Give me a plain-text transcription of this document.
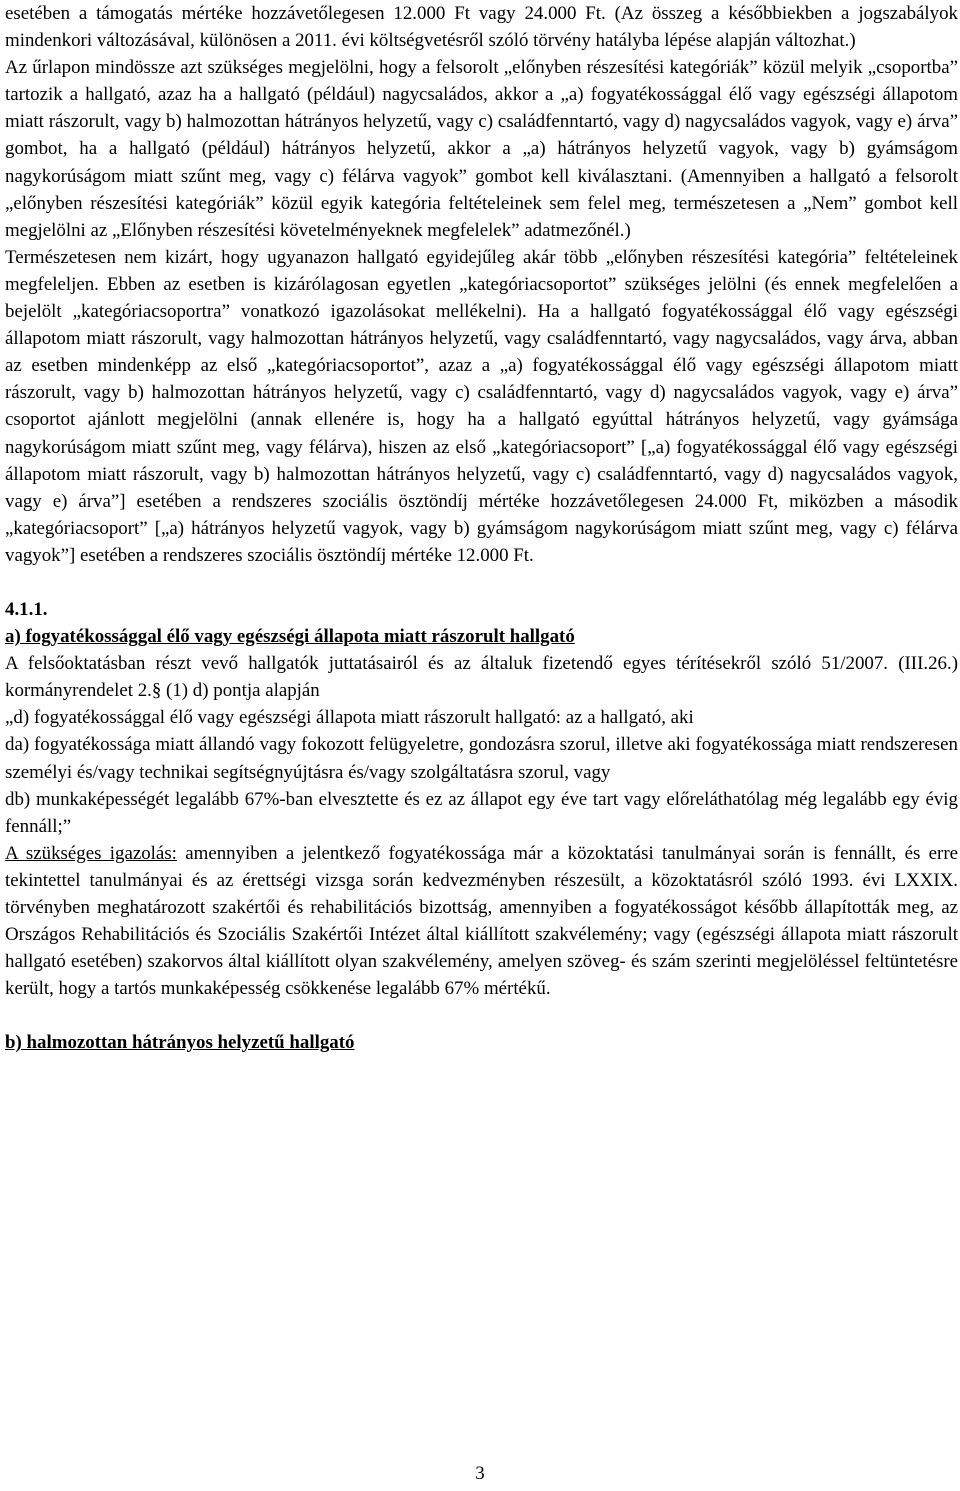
esetében a támogatás mértéke hozzávetőlegesen 12.000 Ft vagy 24.000 Ft. (Az összeg a későbbiekben a jogszabályok mindenkori változásával, különösen a 2011. évi költségvetésről szóló törvény hatályba lépése alapján változhat.)

Az űrlapon mindössze azt szükséges megjelölni, hogy a felsorolt „előnyben részesítési kategóriák” közül melyik „csoportba” tartozik a hallgató, azaz ha a hallgató (például) nagycsaládos, akkor a „a) fogyatékossággal élő vagy egészségi állapotom miatt rászorult, vagy b) halmozottan hátrányos helyzetű, vagy c) családfenntartó, vagy d) nagycsaládos vagyok, vagy e) árva” gombot, ha a hallgató (például) hátrányos helyzetű, akkor a „a) hátrányos helyzetű vagyok, vagy b) gyámságom nagykorúságom miatt szűnt meg, vagy c) félárva vagyok” gombot kell kiválasztani. (Amennyiben a hallgató a felsorolt „előnyben részesítési kategóriák” közül egyik kategória feltételeinek sem felel meg, természetesen a „Nem” gombot kell megjelölni az „Előnyben részesítési követelményeknek megfelelek” adatmezőnél.)

Természetesen nem kizárt, hogy ugyanazon hallgató egyidejűleg akár több „előnyben részesítési kategória” feltételeinek megfeleljen. Ebben az esetben is kizárólagosan egyetlen „kategóriacsoportot” szükséges jelölni (és ennek megfelelően a bejelölt „kategóriacsoportra” vonatkozó igazolásokat mellékelni). Ha a hallgató fogyatékossággal élő vagy egészségi állapotom miatt rászorult, vagy halmozottan hátrányos helyzetű, vagy családfenntartó, vagy nagycsaládos, vagy árva, abban az esetben mindenképp az első „kategóriacsoportot”, azaz a „a) fogyatékossággal élő vagy egészségi állapotom miatt rászorult, vagy b) halmozottan hátrányos helyzetű, vagy c) családfenntartó, vagy d) nagycsaládos vagyok, vagy e) árva” csoportot ajánlott megjelölni (annak ellenére is, hogy ha a hallgató egyúttal hátrányos helyzetű, vagy gyámsága nagykorúságom miatt szűnt meg, vagy félárva), hiszen az első „kategóriacsoport” [„a) fogyatékossággal élő vagy egészségi állapotom miatt rászorult, vagy b) halmozottan hátrányos helyzetű, vagy c) családfenntartó, vagy d) nagycsaládos vagyok, vagy e) árva”] esetében a rendszeres szociális ösztöndíj mértéke hozzávetőlegesen 24.000 Ft, miközben a második „kategóriacsoport” [„a) hátrányos helyzetű vagyok, vagy b) gyámságom nagykorúságom miatt szűnt meg, vagy c) félárva vagyok”] esetében a rendszeres szociális ösztöndíj mértéke 12.000 Ft.

4.1.1.

a) fogyatékossággal élő vagy egészségi állapota miatt rászorult hallgató

A felsőoktatásban részt vevő hallgatók juttatásairól és az általuk fizetendő egyes térítésekről szóló 51/2007. (III.26.) kormányrendelet 2.§ (1) d) pontja alapján

„d) fogyatékossággal élő vagy egészségi állapota miatt rászorult hallgató: az a hallgató, aki

da) fogyatékossága miatt állandó vagy fokozott felügyeletre, gondozásra szorul, illetve aki fogyatékossága miatt rendszeresen személyi és/vagy technikai segítségnyújtásra és/vagy szolgáltatásra szorul, vagy

db) munkaképességét legalább 67%-ban elvesztette és ez az állapot egy éve tart vagy előreláthatólag még legalább egy évig fennáll;”

A szükséges igazolás: amennyiben a jelentkező fogyatékossága már a közoktatási tanulmányai során is fennállt, és erre tekintettel tanulmányai és az érettségi vizsga során kedvezményben részesült, a közoktatásról szóló 1993. évi LXXIX. törvényben meghatározott szakértői és rehabilitációs bizottság, amennyiben a fogyatékosságot később állapították meg, az Országos Rehabilitációs és Szociális Szakértői Intézet által kiállított szakvélemény; vagy (egészségi állapota miatt rászorult hallgató esetében) szakorvos által kiállított olyan szakvélemény, amelyen szöveg- és szám szerinti megjelöléssel feltüntetésre került, hogy a tartós munkaképesség csökkenése legalább 67% mértékű.

b) halmozottan hátrányos helyzetű hallgató

3
